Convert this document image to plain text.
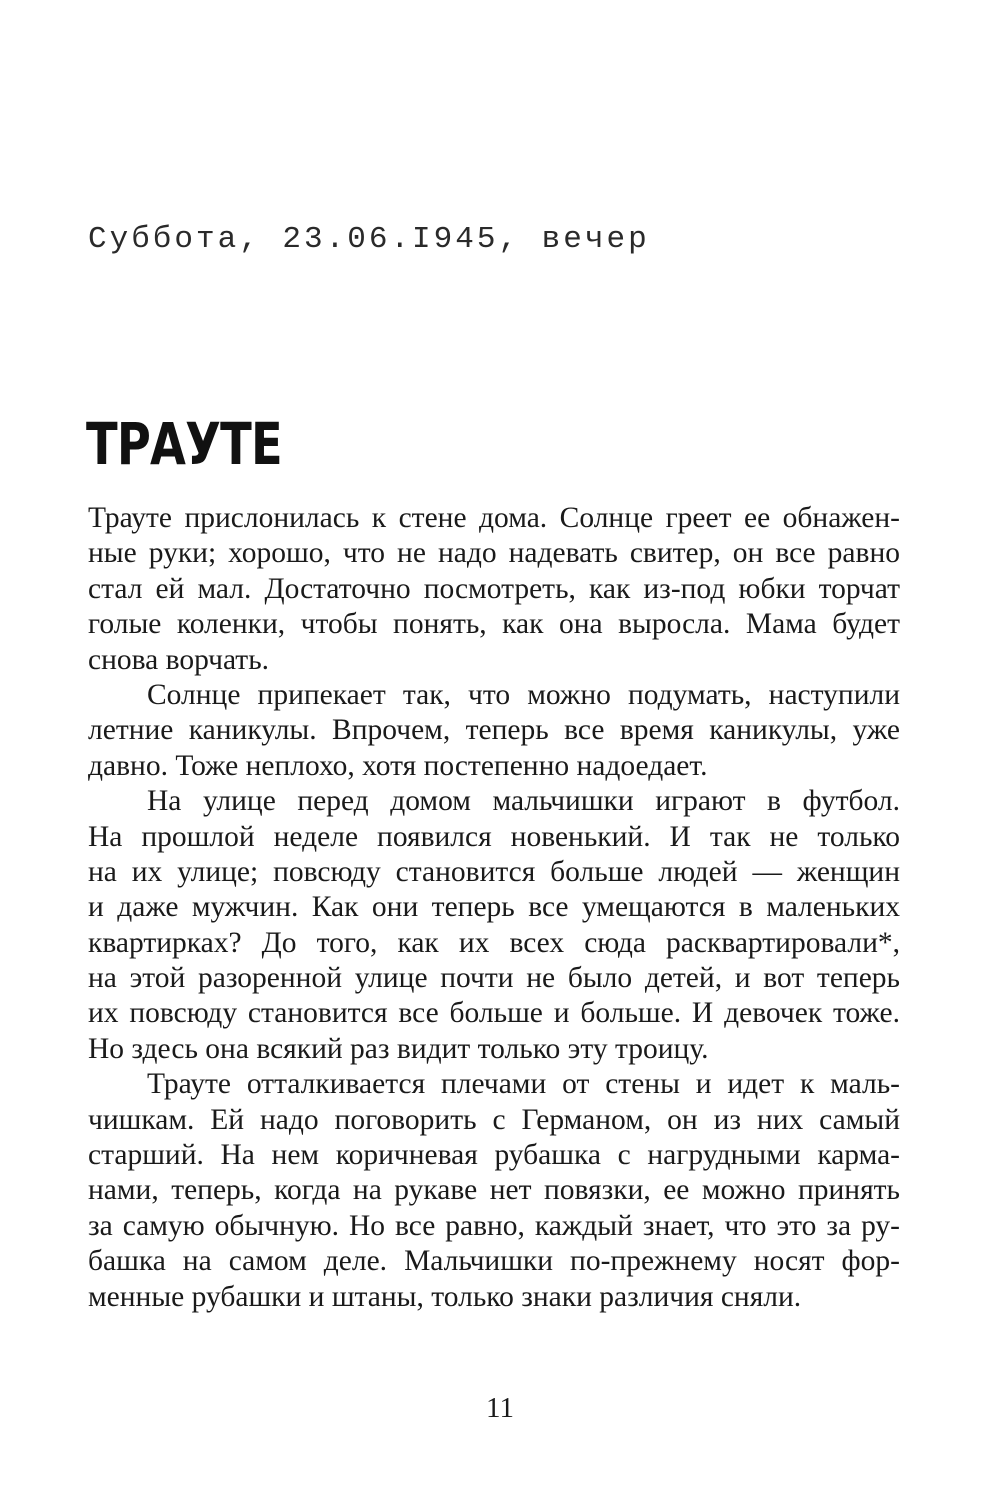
Суббота, 23.06.I945, вечер
ТРАУТЕ
Трауте прислонилась к стене дома. Солнце греет ее обнажен-
ные руки; хорошо, что не надо надевать свитер, он все равно
стал ей мал. Достаточно посмотреть, как из-под юбки торчат
голые коленки, чтобы понять, как она выросла. Мама будет
снова ворчать.
Солнце припекает так, что можно подумать, наступили
летние каникулы. Впрочем, теперь все время каникулы, уже
давно. Тоже неплохо, хотя постепенно надоедает.
На улице перед домом мальчишки играют в футбол.
На прошлой неделе появился новенький. И так не только
на их улице; повсюду становится больше людей — женщин
и даже мужчин. Как они теперь все умещаются в маленьких
квартирках? До того, как их всех сюда расквартировали*,
на этой разоренной улице почти не было детей, и вот теперь
их повсюду становится все больше и больше. И девочек тоже.
Но здесь она всякий раз видит только эту троицу.
Трауте отталкивается плечами от стены и идет к маль-
чишкам. Ей надо поговорить с Германом, он из них самый
старший. На нем коричневая рубашка с нагрудными карма-
нами, теперь, когда на рукаве нет повязки, ее можно принять
за самую обычную. Но все равно, каждый знает, что это за ру-
башка на самом деле. Мальчишки по-прежнему носят фор-
менные рубашки и штаны, только знаки различия сняли.
11
